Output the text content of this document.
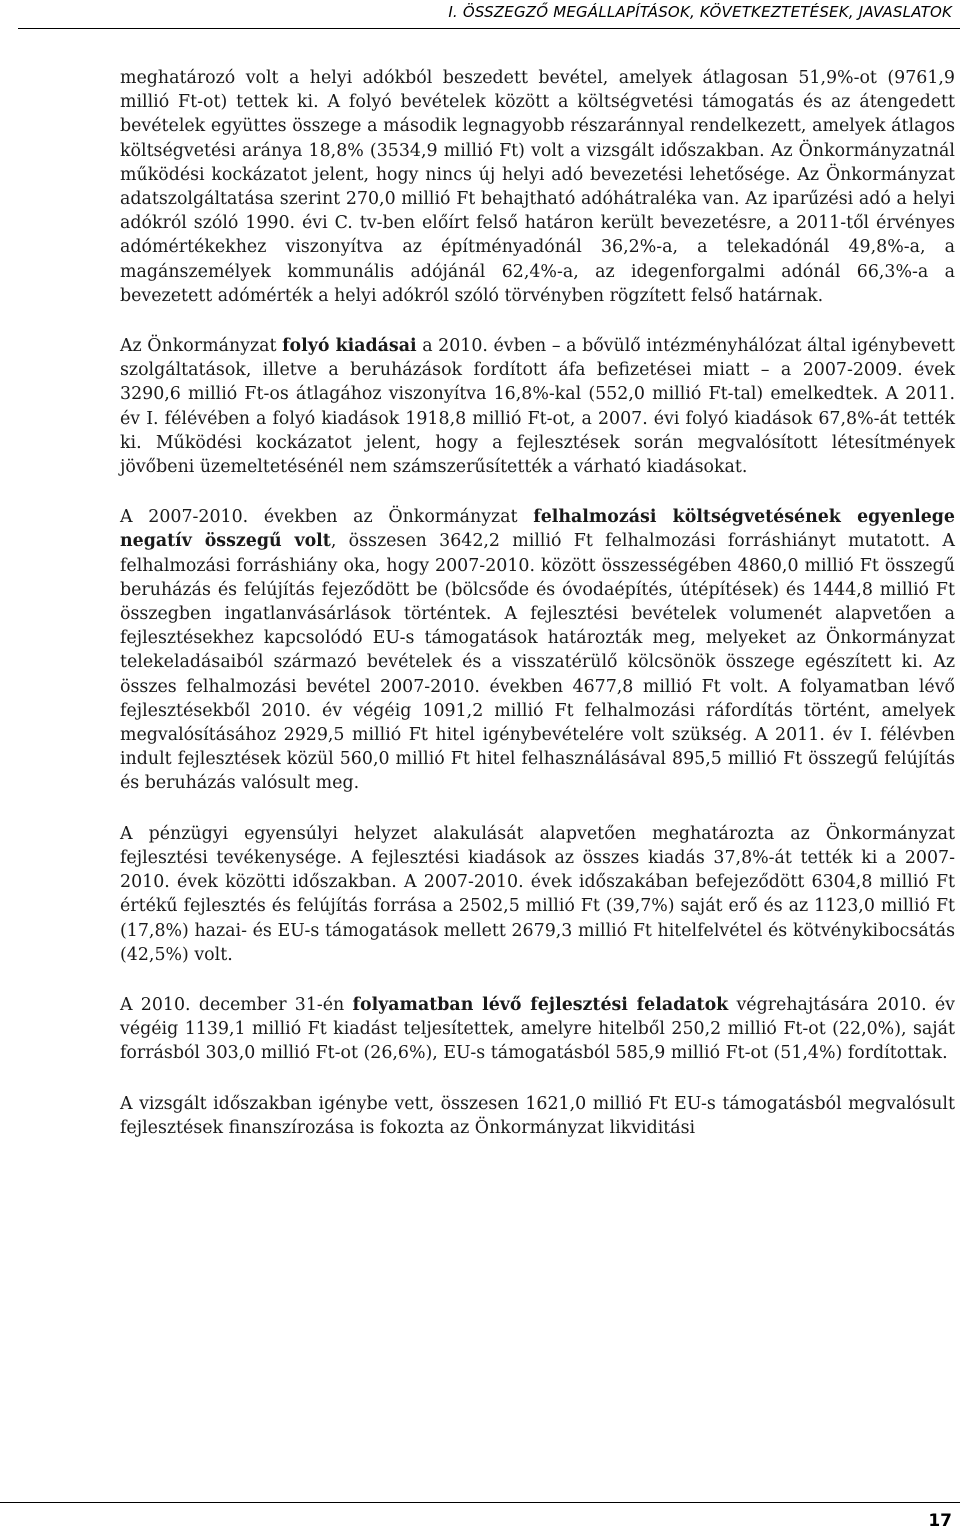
I. ÖSSZEGZŐ MEGÁLLAPÍTÁSOK, KÖVETKEZTETÉSEK, JAVASLATOK

meghatározó volt a helyi adókból beszedett bevétel, amelyek átlagosan 51,9%-ot (9761,9 millió Ft-ot) tettek ki. A folyó bevételek között a költségvetési támogatás és az átengedett bevételek együttes összege a második legnagyobb részaránnyal rendelkezett, amelyek átlagos költségvetési aránya 18,8% (3534,9 millió Ft) volt a vizsgált időszakban. Az Önkormányzatnál működési kockázatot jelent, hogy nincs új helyi adó bevezetési lehetősége. Az Önkormányzat adatszolgáltatása szerint 270,0 millió Ft behajtható adóhátraléka van. Az iparűzési adó a helyi adókról szóló 1990. évi C. tv-ben előírt felső határon került bevezetésre, a 2011-től érvényes adómértékekhez viszonyítva az építményadónál 36,2%-a, a telekadónál 49,8%-a, a magánszemélyek kommunális adójánál 62,4%-a, az idegenforgalmi adónál 66,3%-a a bevezetett adómérték a helyi adókról szóló törvényben rögzített felső határnak.

Az Önkormányzat folyó kiadásai a 2010. évben – a bővülő intézményhálózat által igénybevett szolgáltatások, illetve a beruházások fordított áfa befizetései miatt – a 2007-2009. évek 3290,6 millió Ft-os átlagához viszonyítva 16,8%-kal (552,0 millió Ft-tal) emelkedtek. A 2011. év I. félévében a folyó kiadások 1918,8 millió Ft-ot, a 2007. évi folyó kiadások 67,8%-át tették ki. Működési kockázatot jelent, hogy a fejlesztések során megvalósított létesítmények jövőbeni üzemeltetésénél nem számszerűsítették a várható kiadásokat.

A 2007-2010. években az Önkormányzat felhalmozási költségvetésének egyenlege negatív összegű volt, összesen 3642,2 millió Ft felhalmozási forráshiányt mutatott. A felhalmozási forráshiány oka, hogy 2007-2010. között összességében 4860,0 millió Ft összegű beruházás és felújítás fejeződött be (bölcsőde és óvodaépítés, útépítések) és 1444,8 millió Ft összegben ingatlanvásárlások történtek. A fejlesztési bevételek volumenét alapvetően a fejlesztésekhez kapcsolódó EU-s támogatások határozták meg, melyeket az Önkormányzat telekeladásaiból származó bevételek és a visszatérülő kölcsönök összege egészített ki. Az összes felhalmozási bevétel 2007-2010. években 4677,8 millió Ft volt. A folyamatban lévő fejlesztésekből 2010. év végéig 1091,2 millió Ft felhalmozási ráfordítás történt, amelyek megvalósításához 2929,5 millió Ft hitel igénybevételére volt szükség. A 2011. év I. félévben indult fejlesztések közül 560,0 millió Ft hitel felhasználásával 895,5 millió Ft összegű felújítás és beruházás valósult meg.

A pénzügyi egyensúlyi helyzet alakulását alapvetően meghatározta az Önkormányzat fejlesztési tevékenysége. A fejlesztési kiadások az összes kiadás 37,8%-át tették ki a 2007-2010. évek közötti időszakban. A 2007-2010. évek időszakában befejeződött 6304,8 millió Ft értékű fejlesztés és felújítás forrása a 2502,5 millió Ft (39,7%) saját erő és az 1123,0 millió Ft (17,8%) hazai- és EU-s támogatások mellett 2679,3 millió Ft hitelfelvétel és kötvénykibocsátás (42,5%) volt.

A 2010. december 31-én folyamatban lévő fejlesztési feladatok végrehajtására 2010. év végéig 1139,1 millió Ft kiadást teljesítettek, amelyre hitelből 250,2 millió Ft-ot (22,0%), saját forrásból 303,0 millió Ft-ot (26,6%), EU-s támogatásból 585,9 millió Ft-ot (51,4%) fordítottak.

A vizsgált időszakban igénybe vett, összesen 1621,0 millió Ft EU-s támogatásból megvalósult fejlesztések finanszírozása is fokozta az Önkormányzat likviditási

17
